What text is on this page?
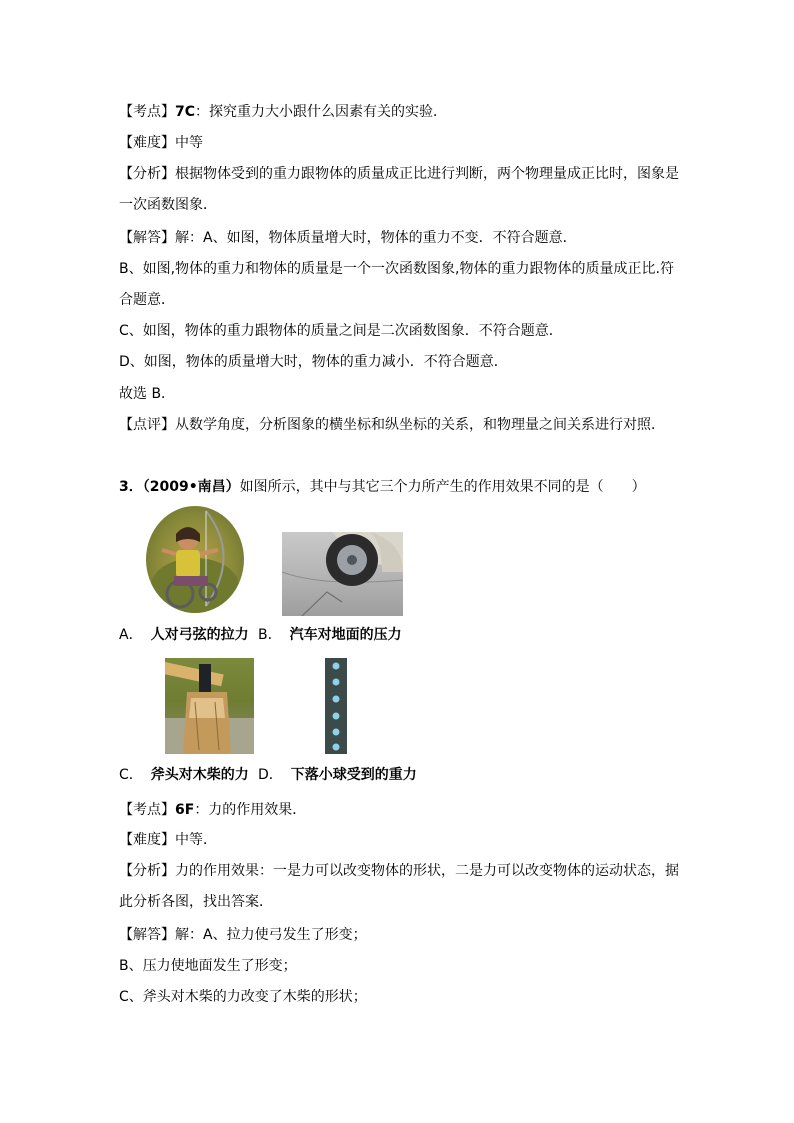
【考点】7C：探究重力大小跟什么因素有关的实验．
【难度】中等
【分析】根据物体受到的重力跟物体的质量成正比进行判断，两个物理量成正比时，图象是
一次函数图象．
【解答】解：A、如图，物体质量增大时，物体的重力不变．不符合题意．
B、如图,物体的重力和物体的质量是一个一次函数图象,物体的重力跟物体的质量成正比.符
合题意．
C、如图，物体的重力跟物体的质量之间是二次函数图象．不符合题意．
D、如图，物体的质量增大时，物体的重力减小．不符合题意．
故选 B．
【点评】从数学角度，分析图象的横坐标和纵坐标的关系，和物理量之间关系进行对照．
3．（2009•南昌）如图所示，其中与其它三个力所产生的作用效果不同的是（　　）
A． 人对弓弦的拉力 B． 汽车对地面的压力
C． 斧头对木柴的力 D． 下落小球受到的重力
【考点】6F：力的作用效果．
【难度】中等．
【分析】力的作用效果：一是力可以改变物体的形状，二是力可以改变物体的运动状态，据
此分析各图，找出答案．
【解答】解：A、拉力使弓发生了形变；
B、压力使地面发生了形变；
C、斧头对木柴的力改变了木柴的形状；
